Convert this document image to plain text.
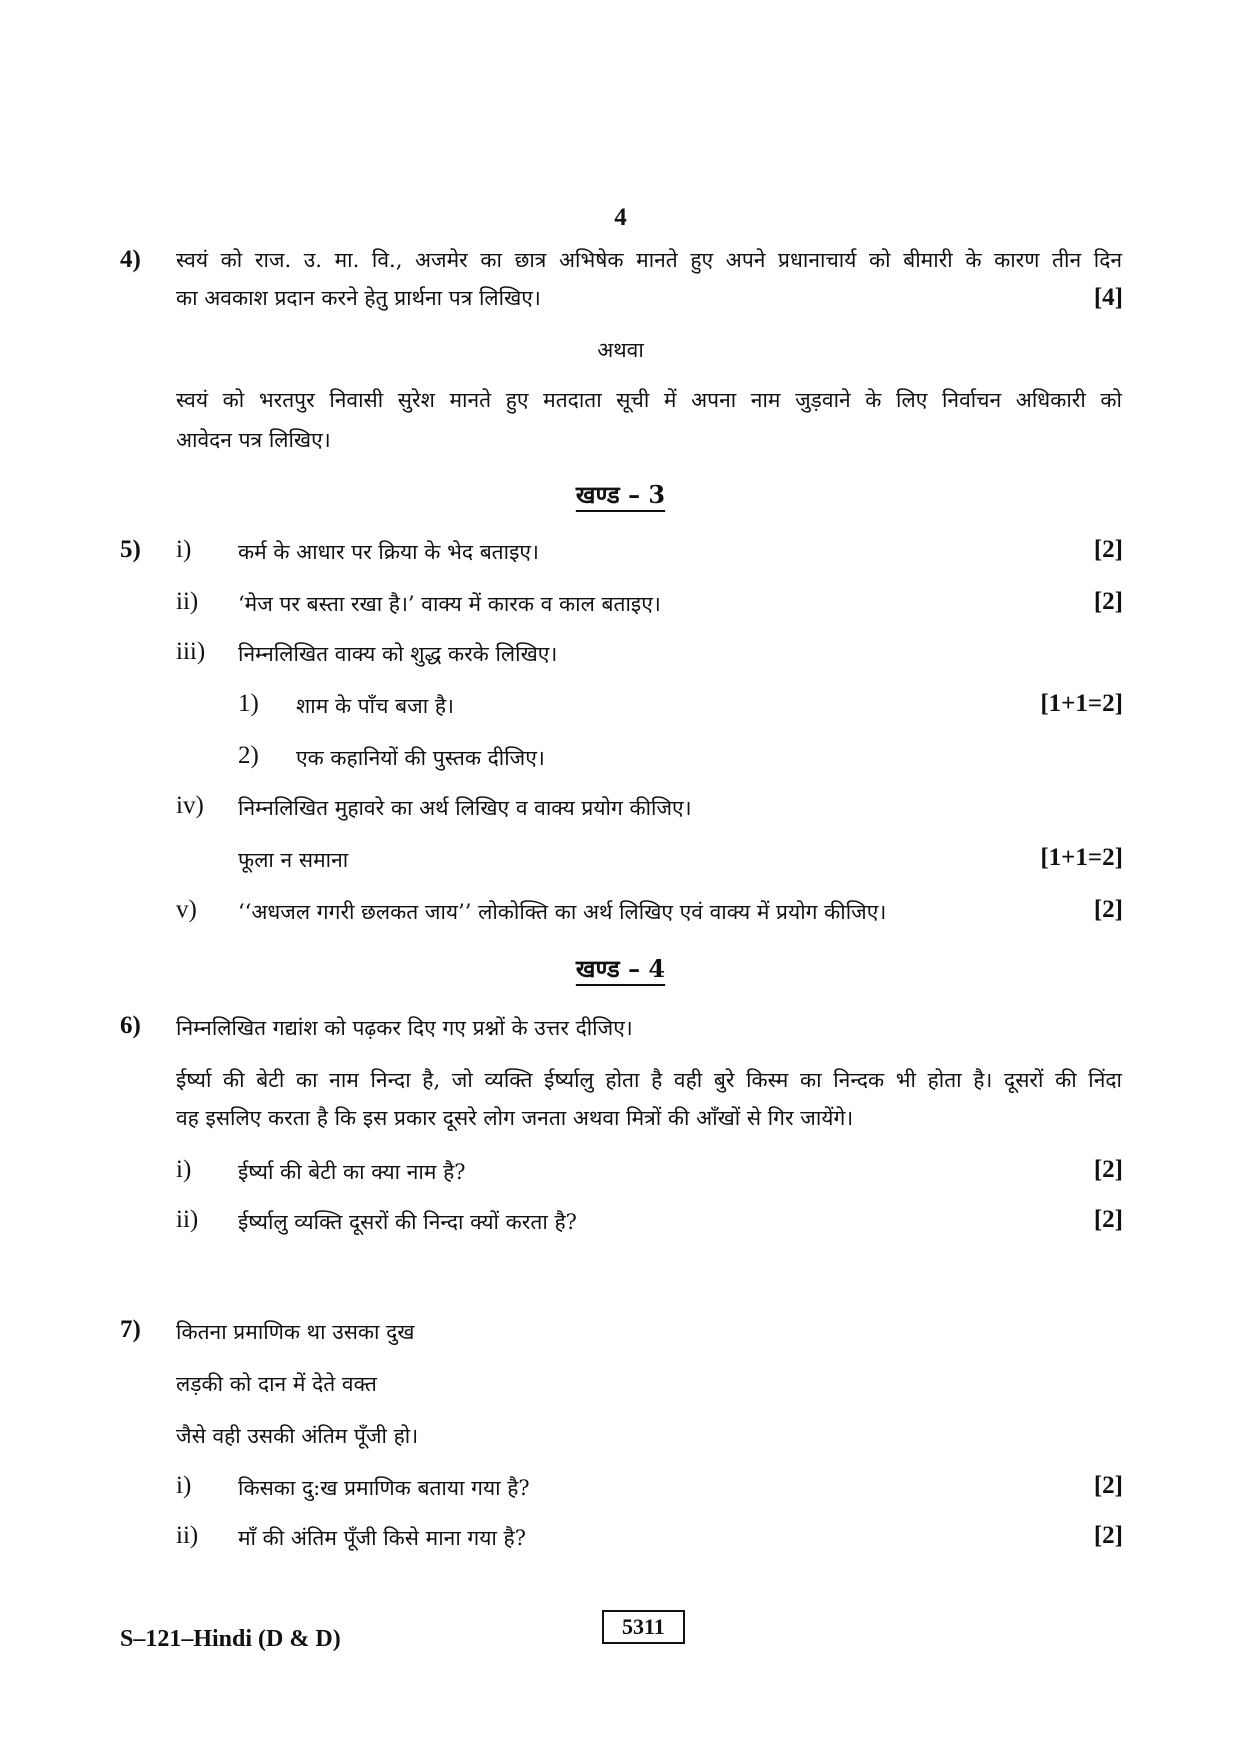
4
4) स्वयं को राज. उ. मा. वि., अजमेर का छात्र अभिषेक मानते हुए अपने प्रधानाचार्य को बीमारी के कारण तीन दिन
का अवकाश प्रदान करने हेतु प्रार्थना पत्र लिखिए।	[4]
अथवा
स्वयं को भरतपुर निवासी सुरेश मानते हुए मतदाता सूची में अपना नाम जुड़वाने के लिए निर्वाचन अधिकारी को
आवेदन पत्र लिखिए।
खण्ड – 3
5) i) कर्म के आधार पर क्रिया के भेद बताइए।	[2]
ii) ‘मेज पर बस्ता रखा है।’ वाक्य में कारक व काल बताइए।	[2]
iii) निम्नलिखित वाक्य को शुद्ध करके लिखिए।
1) शाम के पाँच बजा है।	[1+1=2]
2) एक कहानियों की पुस्तक दीजिए।
iv) निम्नलिखित मुहावरे का अर्थ लिखिए व वाक्य प्रयोग कीजिए।
फूला न समाना	[1+1=2]
v) ‘‘अधजल गगरी छलकत जाय’’ लोकोक्ति का अर्थ लिखिए एवं वाक्य में प्रयोग कीजिए।	[2]
खण्ड – 4
6) निम्नलिखित गद्यांश को पढ़कर दिए गए प्रश्नों के उत्तर दीजिए।
ईर्ष्या की बेटी का नाम निन्दा है, जो व्यक्ति ईर्ष्यालु होता है वही बुरे किस्म का निन्दक भी होता है। दूसरों की निंदा
वह इसलिए करता है कि इस प्रकार दूसरे लोग जनता अथवा मित्रों की आँखों से गिर जायेंगे।
i) ईर्ष्या की बेटी का क्या नाम है?	[2]
ii) ईर्ष्यालु व्यक्ति दूसरों की निन्दा क्यों करता है?	[2]
7) कितना प्रमाणिक था उसका दुख
लड़की को दान में देते वक्त
जैसे वही उसकी अंतिम पूँजी हो।
i) किसका दु:ख प्रमाणिक बताया गया है?	[2]
ii) माँ की अंतिम पूँजी किसे माना गया है?	[2]
S–121–Hindi (D & D)	5311
